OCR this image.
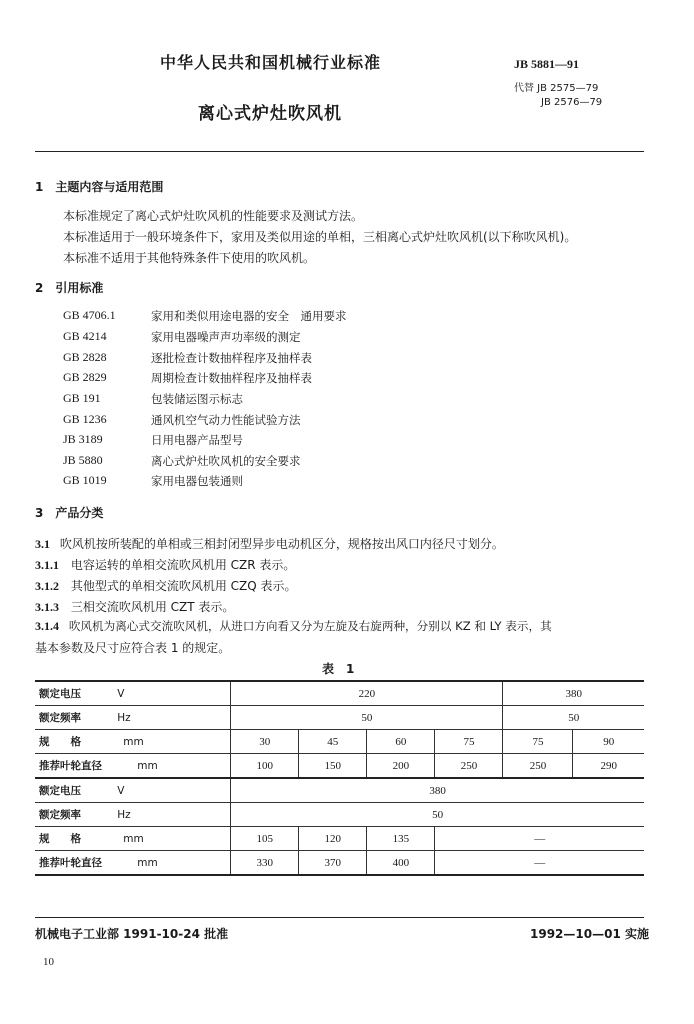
中华人民共和国机械行业标准	JB 5881—91
代替 JB 2575—79
JB 2576—79
离心式炉灶吹风机
1　主题内容与适用范围
本标准规定了离心式炉灶吹风机的性能要求及测试方法。
本标准适用于一般环境条件下，家用及类似用途的单相，三相离心式炉灶吹风机(以下称吹风机)。
本标准不适用于其他特殊条件下使用的吹风机。
2　引用标准
GB 4706.1	家用和类似用途电器的安全　通用要求
GB 4214	家用电器噪声声功率级的测定
GB 2828	逐批检查计数抽样程序及抽样表
GB 2829	周期检查计数抽样程序及抽样表
GB 191	包装储运图示标志
GB 1236	通风机空气动力性能试验方法
JB 3189	日用电器产品型号
JB 5880	离心式炉灶吹风机的安全要求
GB 1019	家用电器包装通则
3　产品分类
3.1 吹风机按所装配的单相或三相封闭型异步电动机区分，规格按出风口内径尺寸划分。
3.1.1 电容运转的单相交流吹风机用 CZR 表示。
3.1.2 其他型式的单相交流吹风机用 CZQ 表示。
3.1.3 三相交流吹风机用 CZT 表示。
3.1.4 吹风机为离心式交流吹风机，从进口方向看又分为左旋及右旋两种，分别以 KZ 和 LY 表示，其
基本参数及尺寸应符合表 1 的规定。
表　1
额定电压	V	220				380	
额定频率	Hz	50				50	
规　　格	mm	30	45	60	75	75	90
推荐叶轮直径	mm	100	150	200	250	250	290
额定电压	V	380					
额定频率	Hz	50					
规　　格	mm	105	120	135	—		
推荐叶轮直径	mm	330	370	400	—		
机械电子工业部 1991-10-24 批准	1992—10—01 实施
10
